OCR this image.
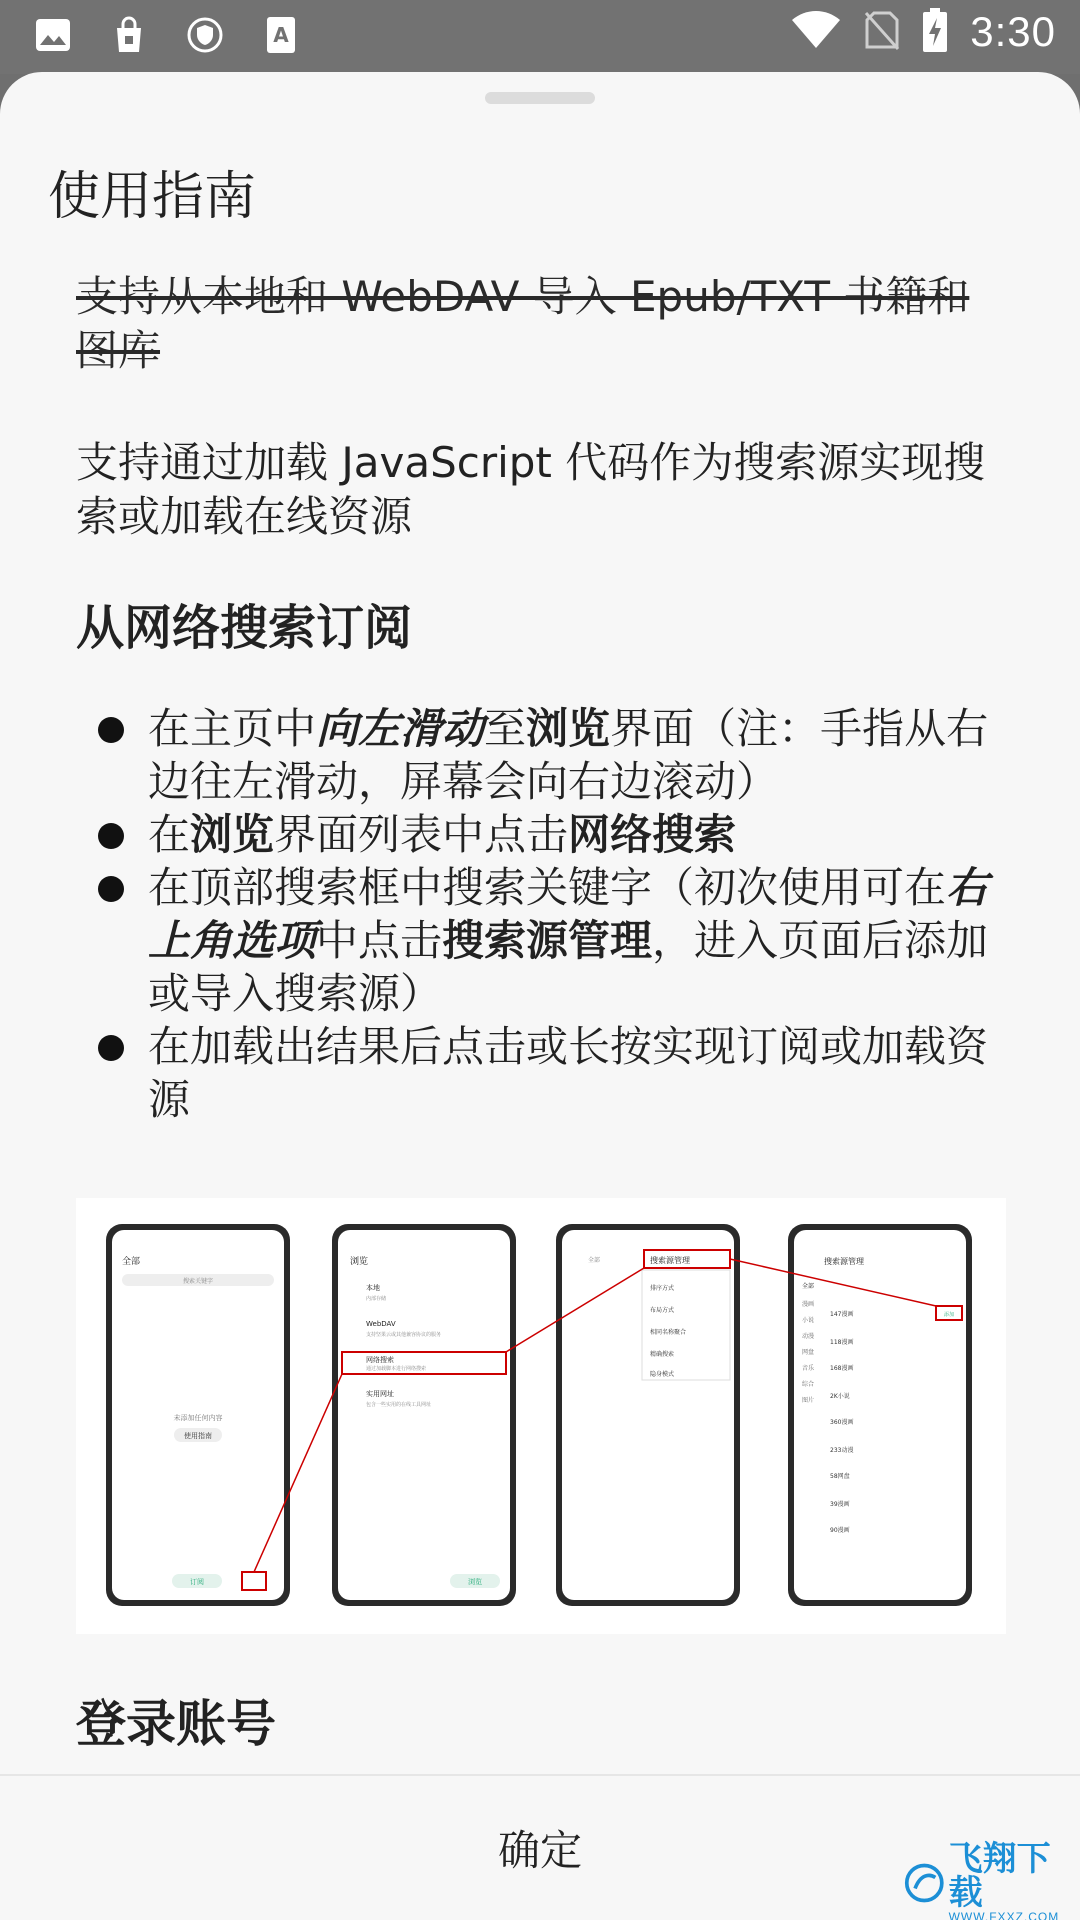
A	3:30
使用指南

支持从本地和 WebDAV 导入 Epub/TXT 书籍和图库

支持通过加载 JavaScript 代码作为搜索源实现搜索或加载在线资源

从网络搜索订阅
在主页中向左滑动至浏览界面（注：手指从右边往左滑动，屏幕会向右边滚动）
在浏览界面列表中点击网络搜索
在顶部搜索框中搜索关键字（初次使用可在右上角选项中点击搜索源管理，进入页面后添加或导入搜索源）
在加载出结果后点击或长按实现订阅或加载资源
全部
搜索关键字
未添加任何内容
使用指南
订阅
浏览
本地
内部存储
WebDAV
支持坚果云或其他兼容协议的服务
网络搜索
通过加载脚本进行网络搜索
实用网址
包含一些实用的在线工具网址
浏览
全部	搜索源管理
排序方式
布局方式
相同名称聚合
精确搜索
隐身模式
搜索源管理
全部
漫画
小说
动漫
网盘
音乐
综合
图片
147漫画
118漫画
168漫画
2K小说
360漫画
233动漫
58网盘
39漫画
90漫画
添加
登录账号
确定	飞翔下载
WWW.FXXZ.COM
